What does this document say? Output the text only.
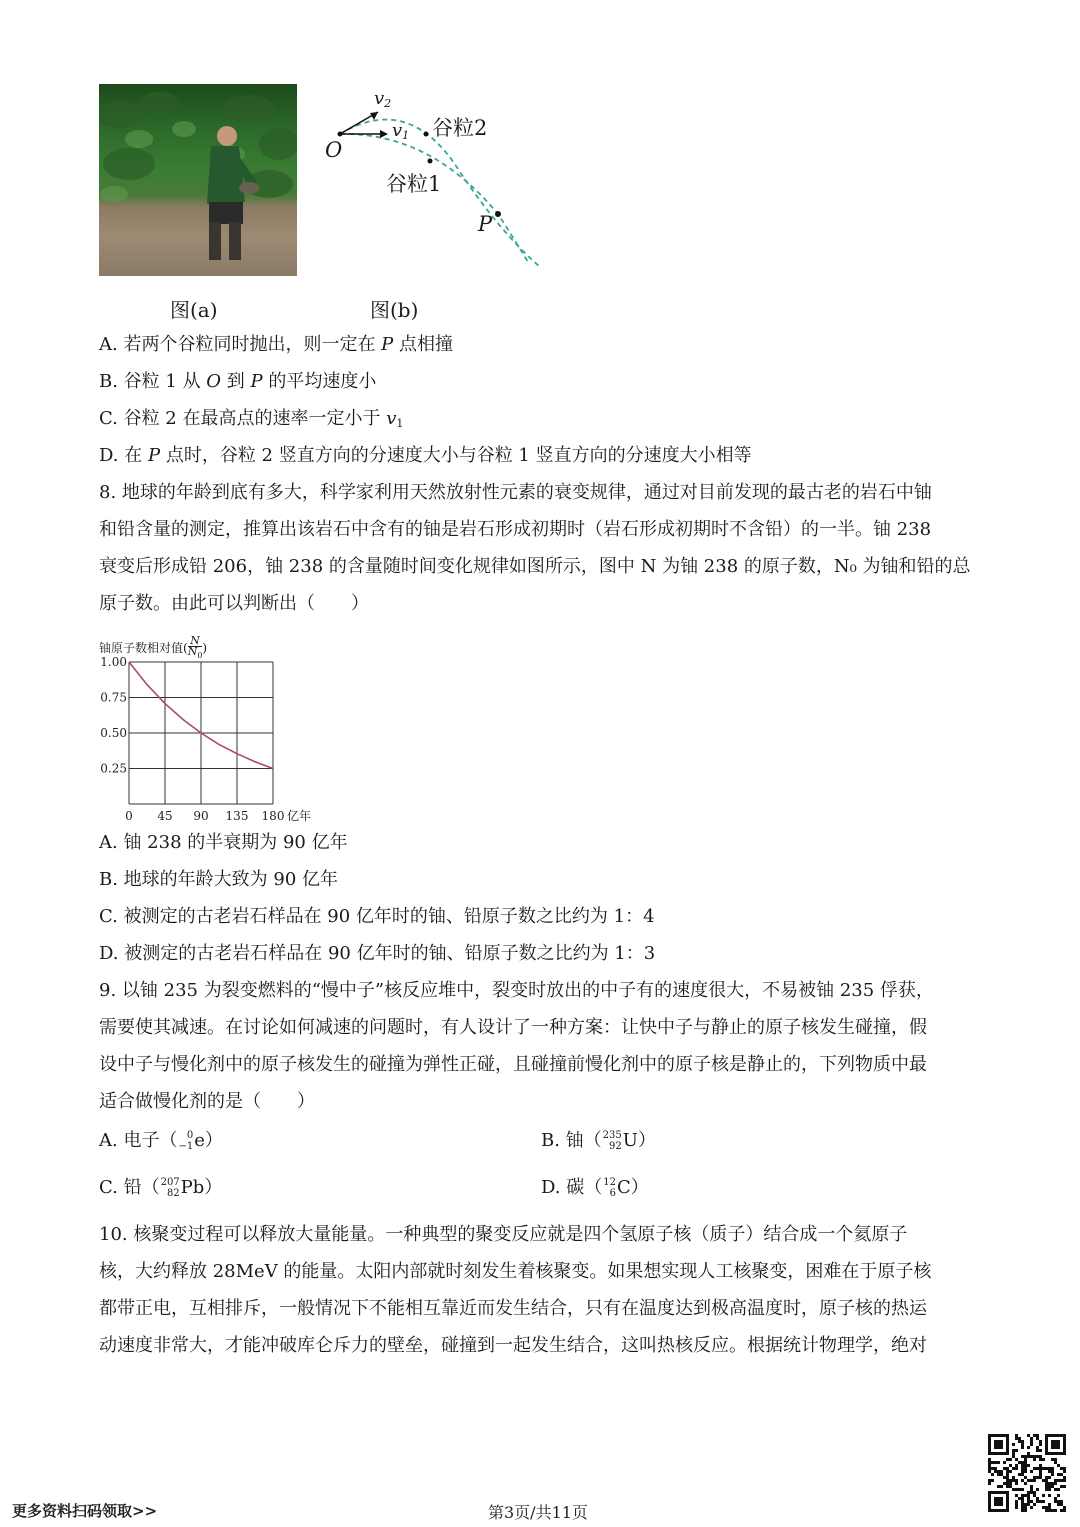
图(a)
O
$v_2$
$v_1$ 谷粒2
谷粒1
P
图(b)
A. 若两个谷粒同时抛出，则一定在 P 点相撞
B. 谷粒 1 从 O 到 P 的平均速度小
C. 谷粒 2 在最高点的速率一定小于 $v_1$
D. 在 P 点时，谷粒 2 竖直方向的分速度大小与谷粒 1 竖直方向的分速度大小相等

8. 地球的年龄到底有多大，科学家利用天然放射性元素的衰变规律，通过对目前发现的最古老的岩石中铀

和铅含量的测定，推算出该岩石中含有的铀是岩石形成初期时（岩石形成初期时不含铅）的一半。铀 238

衰变后形成铅 206，铀 238 的含量随时间变化规律如图所示，图中 N 为铀 238 的原子数，N₀ 为铀和铅的总

原子数。由此可以判断出（　　）

0 45 90 135 180
0.25
0.50
0.75
1.00
亿年
铀原子数相对值(
N
$N_0$)
A. 铀 238 的半衰期为 90 亿年
B. 地球的年龄大致为 90 亿年
C. 被测定的古老岩石样品在 90 亿年时的铀、铅原子数之比约为 1：4
D. 被测定的古老岩石样品在 90 亿年时的铀、铅原子数之比约为 1：3

9. 以铀 235 为裂变燃料的“慢中子”核反应堆中，裂变时放出的中子有的速度很大，不易被铀 235 俘获，

需要使其减速。在讨论如何减速的问题时，有人设计了一种方案：让快中子与静止的原子核发生碰撞，假

设中子与慢化剂中的原子核发生的碰撞为弹性正碰，且碰撞前慢化剂中的原子核是静止的，下列物质中最

适合做慢化剂的是（　　）

A. 电子（ 0
−1 e）	B. 铀（ 235
92 U）
C. 铅（ 207
82 Pb）	D. 碳（ 12
6 C）

10. 核聚变过程可以释放大量能量。一种典型的聚变反应就是四个氢原子核（质子）结合成一个氦原子

核，大约释放 28MeV 的能量。太阳内部就时刻发生着核聚变。如果想实现人工核聚变，困难在于原子核

都带正电，互相排斥，一般情况下不能相互靠近而发生结合，只有在温度达到极高温度时，原子核的热运

动速度非常大，才能冲破库仑斥力的壁垒，碰撞到一起发生结合，这叫热核反应。根据统计物理学，绝对

更多资料扫码领取>>	第3页/共11页
